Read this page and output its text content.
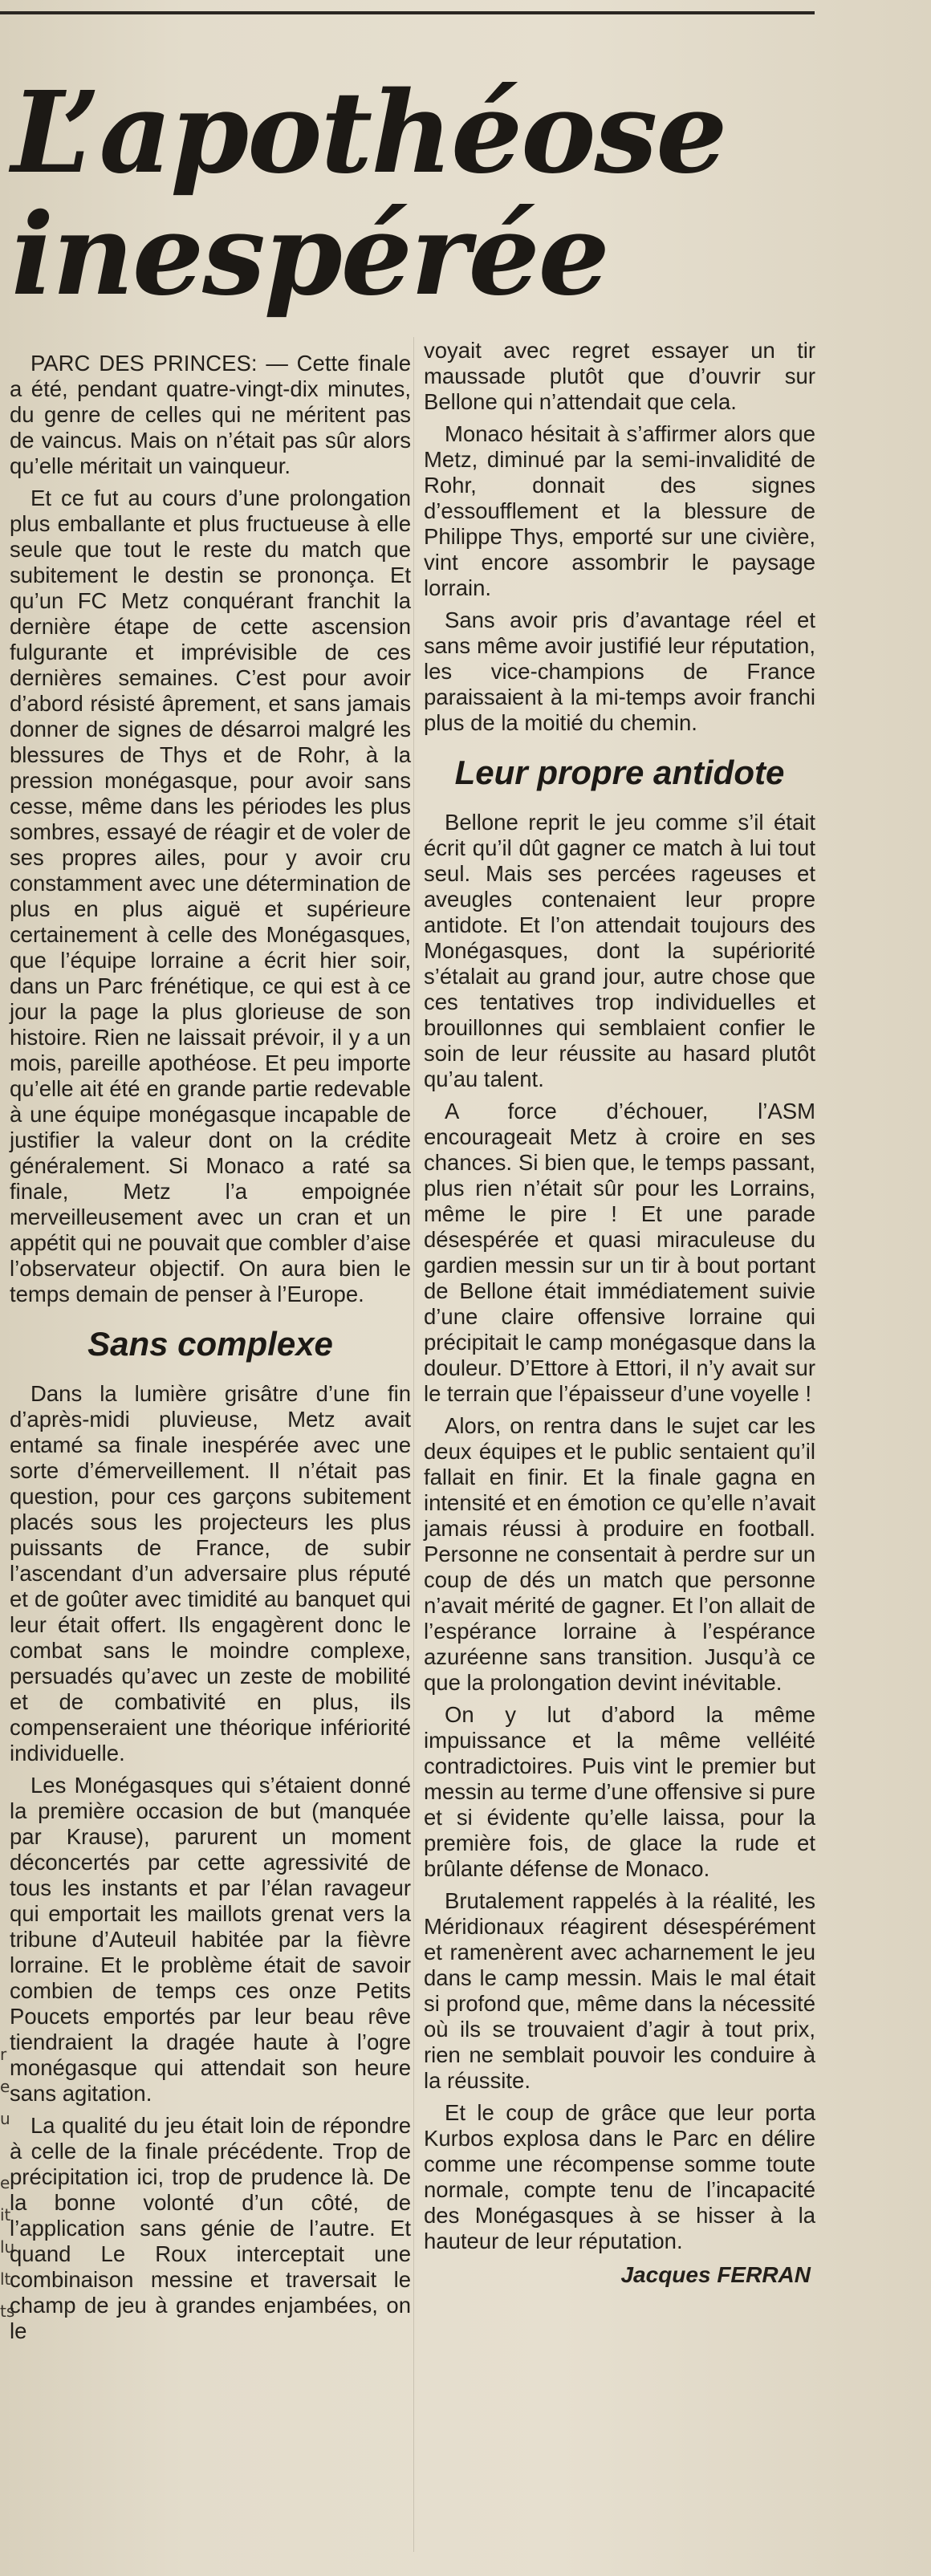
r
e
u

e
it
lu
lt
ts
L’apothéose
inespérée

PARC DES PRINCES: — Cette finale a été, pendant quatre-vingt-dix minutes, du genre de celles qui ne méritent pas de vaincus. Mais on n’était pas sûr alors qu’elle méritait un vainqueur.

Et ce fut au cours d’une prolongation plus emballante et plus fructueuse à elle seule que tout le reste du match que subitement le destin se prononça. Et qu’un FC Metz conquérant franchit la dernière étape de cette ascension fulgurante et imprévisible de ces dernières semaines. C’est pour avoir d’abord résisté âprement, et sans jamais donner de signes de désarroi malgré les blessures de Thys et de Rohr, à la pression monégasque, pour avoir sans cesse, même dans les périodes les plus sombres, essayé de réagir et de voler de ses propres ailes, pour y avoir cru constamment avec une détermination de plus en plus aiguë et supérieure certainement à celle des Monégasques, que l’équipe lorraine a écrit hier soir, dans un Parc frénétique, ce qui est à ce jour la page la plus glorieuse de son histoire. Rien ne laissait prévoir, il y a un mois, pareille apothéose. Et peu importe qu’elle ait été en grande partie redevable à une équipe monégasque incapable de justifier la valeur dont on la crédite généralement. Si Monaco a raté sa finale, Metz l’a empoignée merveilleusement avec un cran et un appétit qui ne pouvait que combler d’aise l’observateur objectif. On aura bien le temps demain de penser à l’Europe.

Sans complexe

Dans la lumière grisâtre d’une fin d’après-midi pluvieuse, Metz avait entamé sa finale inespérée avec une sorte d’émerveillement. Il n’était pas question, pour ces garçons subitement placés sous les projecteurs les plus puissants de France, de subir l’ascendant d’un adversaire plus réputé et de goûter avec timidité au banquet qui leur était offert. Ils engagèrent donc le combat sans le moindre complexe, persuadés qu’avec un zeste de mobilité et de combativité en plus, ils compenseraient une théorique infériorité individuelle.

Les Monégasques qui s’étaient donné la première occasion de but (manquée par Krause), parurent un moment déconcertés par cette agressivité de tous les instants et par l’élan ravageur qui emportait les maillots grenat vers la tribune d’Auteuil habitée par la fièvre lorraine. Et le problème était de savoir combien de temps ces onze Petits Poucets emportés par leur beau rêve tiendraient la dragée haute à l’ogre monégasque qui attendait son heure sans agitation.

La qualité du jeu était loin de répondre à celle de la finale précédente. Trop de précipitation ici, trop de prudence là. De la bonne volonté d’un côté, de l’application sans génie de l’autre. Et quand Le Roux interceptait une combinaison messine et traversait le champ de jeu à grandes enjambées, on le

voyait avec regret essayer un tir maussade plutôt que d’ouvrir sur Bellone qui n’attendait que cela.

Monaco hésitait à s’affirmer alors que Metz, diminué par la semi-invalidité de Rohr, donnait des signes d’essoufflement et la blessure de Philippe Thys, emporté sur une civière, vint encore assombrir le paysage lorrain.

Sans avoir pris d’avantage réel et sans même avoir justifié leur réputation, les vice-champions de France paraissaient à la mi-temps avoir franchi plus de la moitié du chemin.

Leur propre antidote

Bellone reprit le jeu comme s’il était écrit qu’il dût gagner ce match à lui tout seul. Mais ses percées rageuses et aveugles contenaient leur propre antidote. Et l’on attendait toujours des Monégasques, dont la supériorité s’étalait au grand jour, autre chose que ces tentatives trop individuelles et brouillonnes qui semblaient confier le soin de leur réussite au hasard plutôt qu’au talent.

A force d’échouer, l’ASM encourageait Metz à croire en ses chances. Si bien que, le temps passant, plus rien n’était sûr pour les Lorrains, même le pire ! Et une parade désespérée et quasi miraculeuse du gardien messin sur un tir à bout portant de Bellone était immédiatement suivie d’une claire offensive lorraine qui précipitait le camp monégasque dans la douleur. D’Ettore à Ettori, il n’y avait sur le terrain que l’épaisseur d’une voyelle !

Alors, on rentra dans le sujet car les deux équipes et le public sentaient qu’il fallait en finir. Et la finale gagna en intensité et en émotion ce qu’elle n’avait jamais réussi à produire en football. Personne ne consentait à perdre sur un coup de dés un match que personne n’avait mérité de gagner. Et l’on allait de l’espérance lorraine à l’espérance azuréenne sans transition. Jusqu’à ce que la prolongation devint inévitable.

On y lut d’abord la même impuissance et la même velléité contradictoires. Puis vint le premier but messin au terme d’une offensive si pure et si évidente qu’elle laissa, pour la première fois, de glace la rude et brûlante défense de Monaco.

Brutalement rappelés à la réalité, les Méridionaux réagirent désespérément et ramenèrent avec acharnement le jeu dans le camp messin. Mais le mal était si profond que, même dans la nécessité où ils se trouvaient d’agir à tout prix, rien ne semblait pouvoir les conduire à la réussite.

Et le coup de grâce que leur porta Kurbos explosa dans le Parc en délire comme une récompense somme toute normale, compte tenu de l’incapacité des Monégasques à se hisser à la hauteur de leur réputation.

Jacques FERRAN
